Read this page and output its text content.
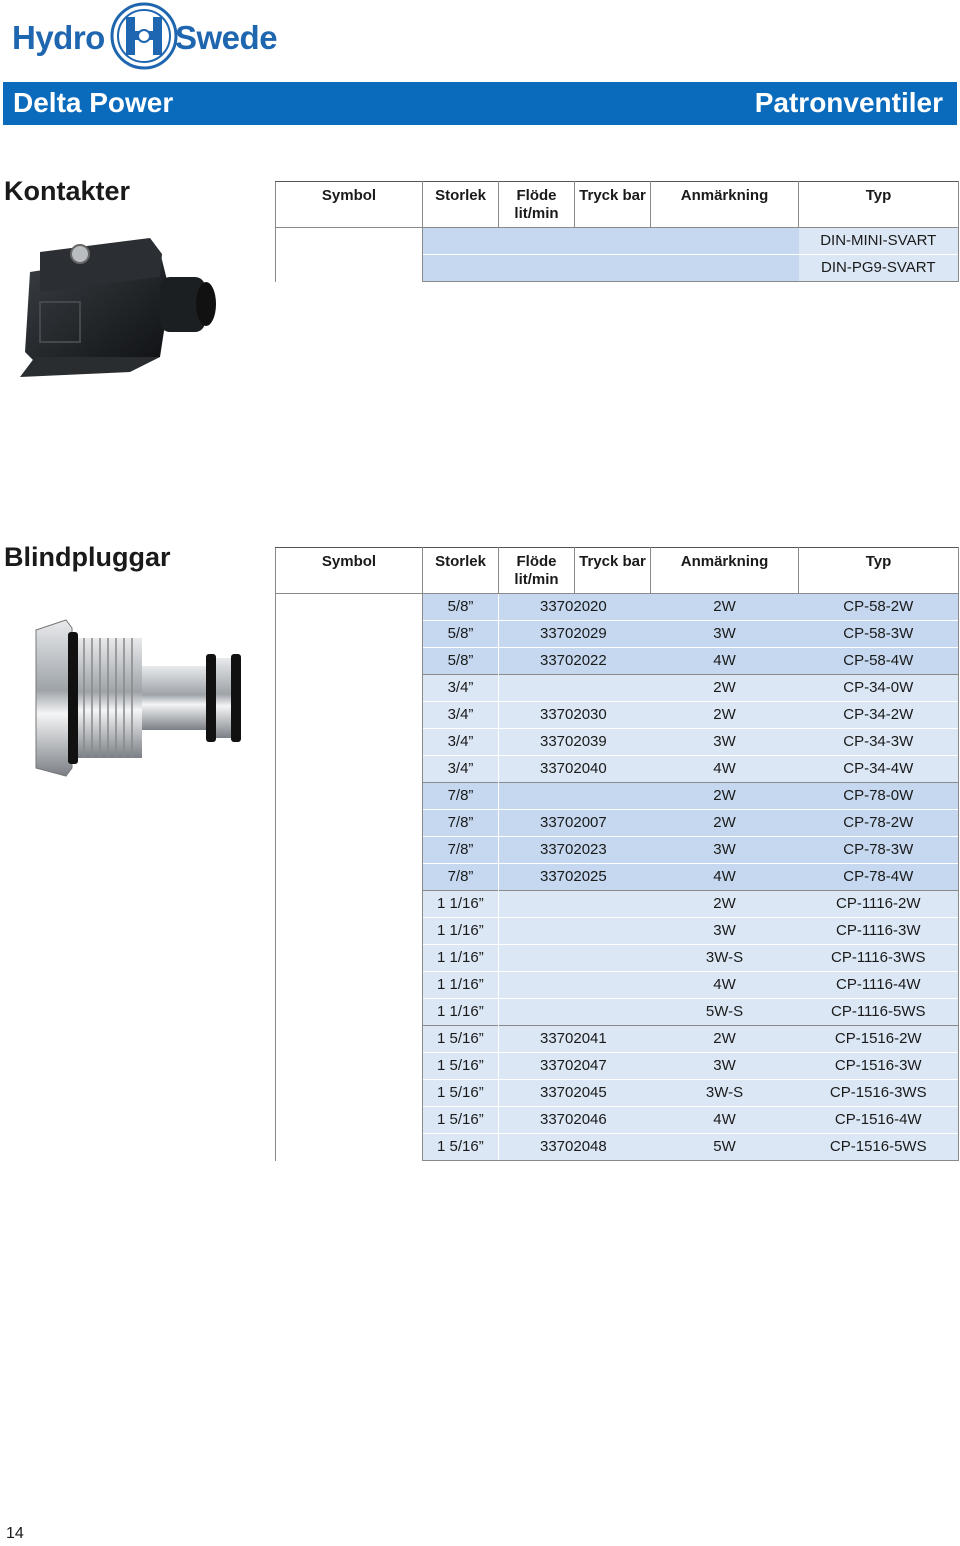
Hydro Swede
Delta Power	Patronventiler
Kontakter	Symbol	Storlek	Flöde lit/min	Tryck bar	Anmärkning	Typ
					DIN-MINI-SVART
					DIN-PG9-SVART
Blindpluggar	Symbol	Storlek	Flöde lit/min	Tryck bar	Anmärkning	Typ
	5/8”	33702020		2W	CP-58-2W
	5/8”	33702029		3W	CP-58-3W
	5/8”	33702022		4W	CP-58-4W
	3/4”			2W	CP-34-0W
	3/4”	33702030		2W	CP-34-2W
	3/4”	33702039		3W	CP-34-3W
	3/4”	33702040		4W	CP-34-4W
	7/8”			2W	CP-78-0W
	7/8”	33702007		2W	CP-78-2W
	7/8”	33702023		3W	CP-78-3W
	7/8”	33702025		4W	CP-78-4W
	1 1/16”			2W	CP-1116-2W
	1 1/16”			3W	CP-1116-3W
	1 1/16”			3W-S	CP-1116-3WS
	1 1/16”			4W	CP-1116-4W
	1 1/16”			5W-S	CP-1116-5WS
	1 5/16”	33702041		2W	CP-1516-2W
	1 5/16”	33702047		3W	CP-1516-3W
	1 5/16”	33702045		3W-S	CP-1516-3WS
	1 5/16”	33702046		4W	CP-1516-4W
	1 5/16”	33702048		5W	CP-1516-5WS
14
